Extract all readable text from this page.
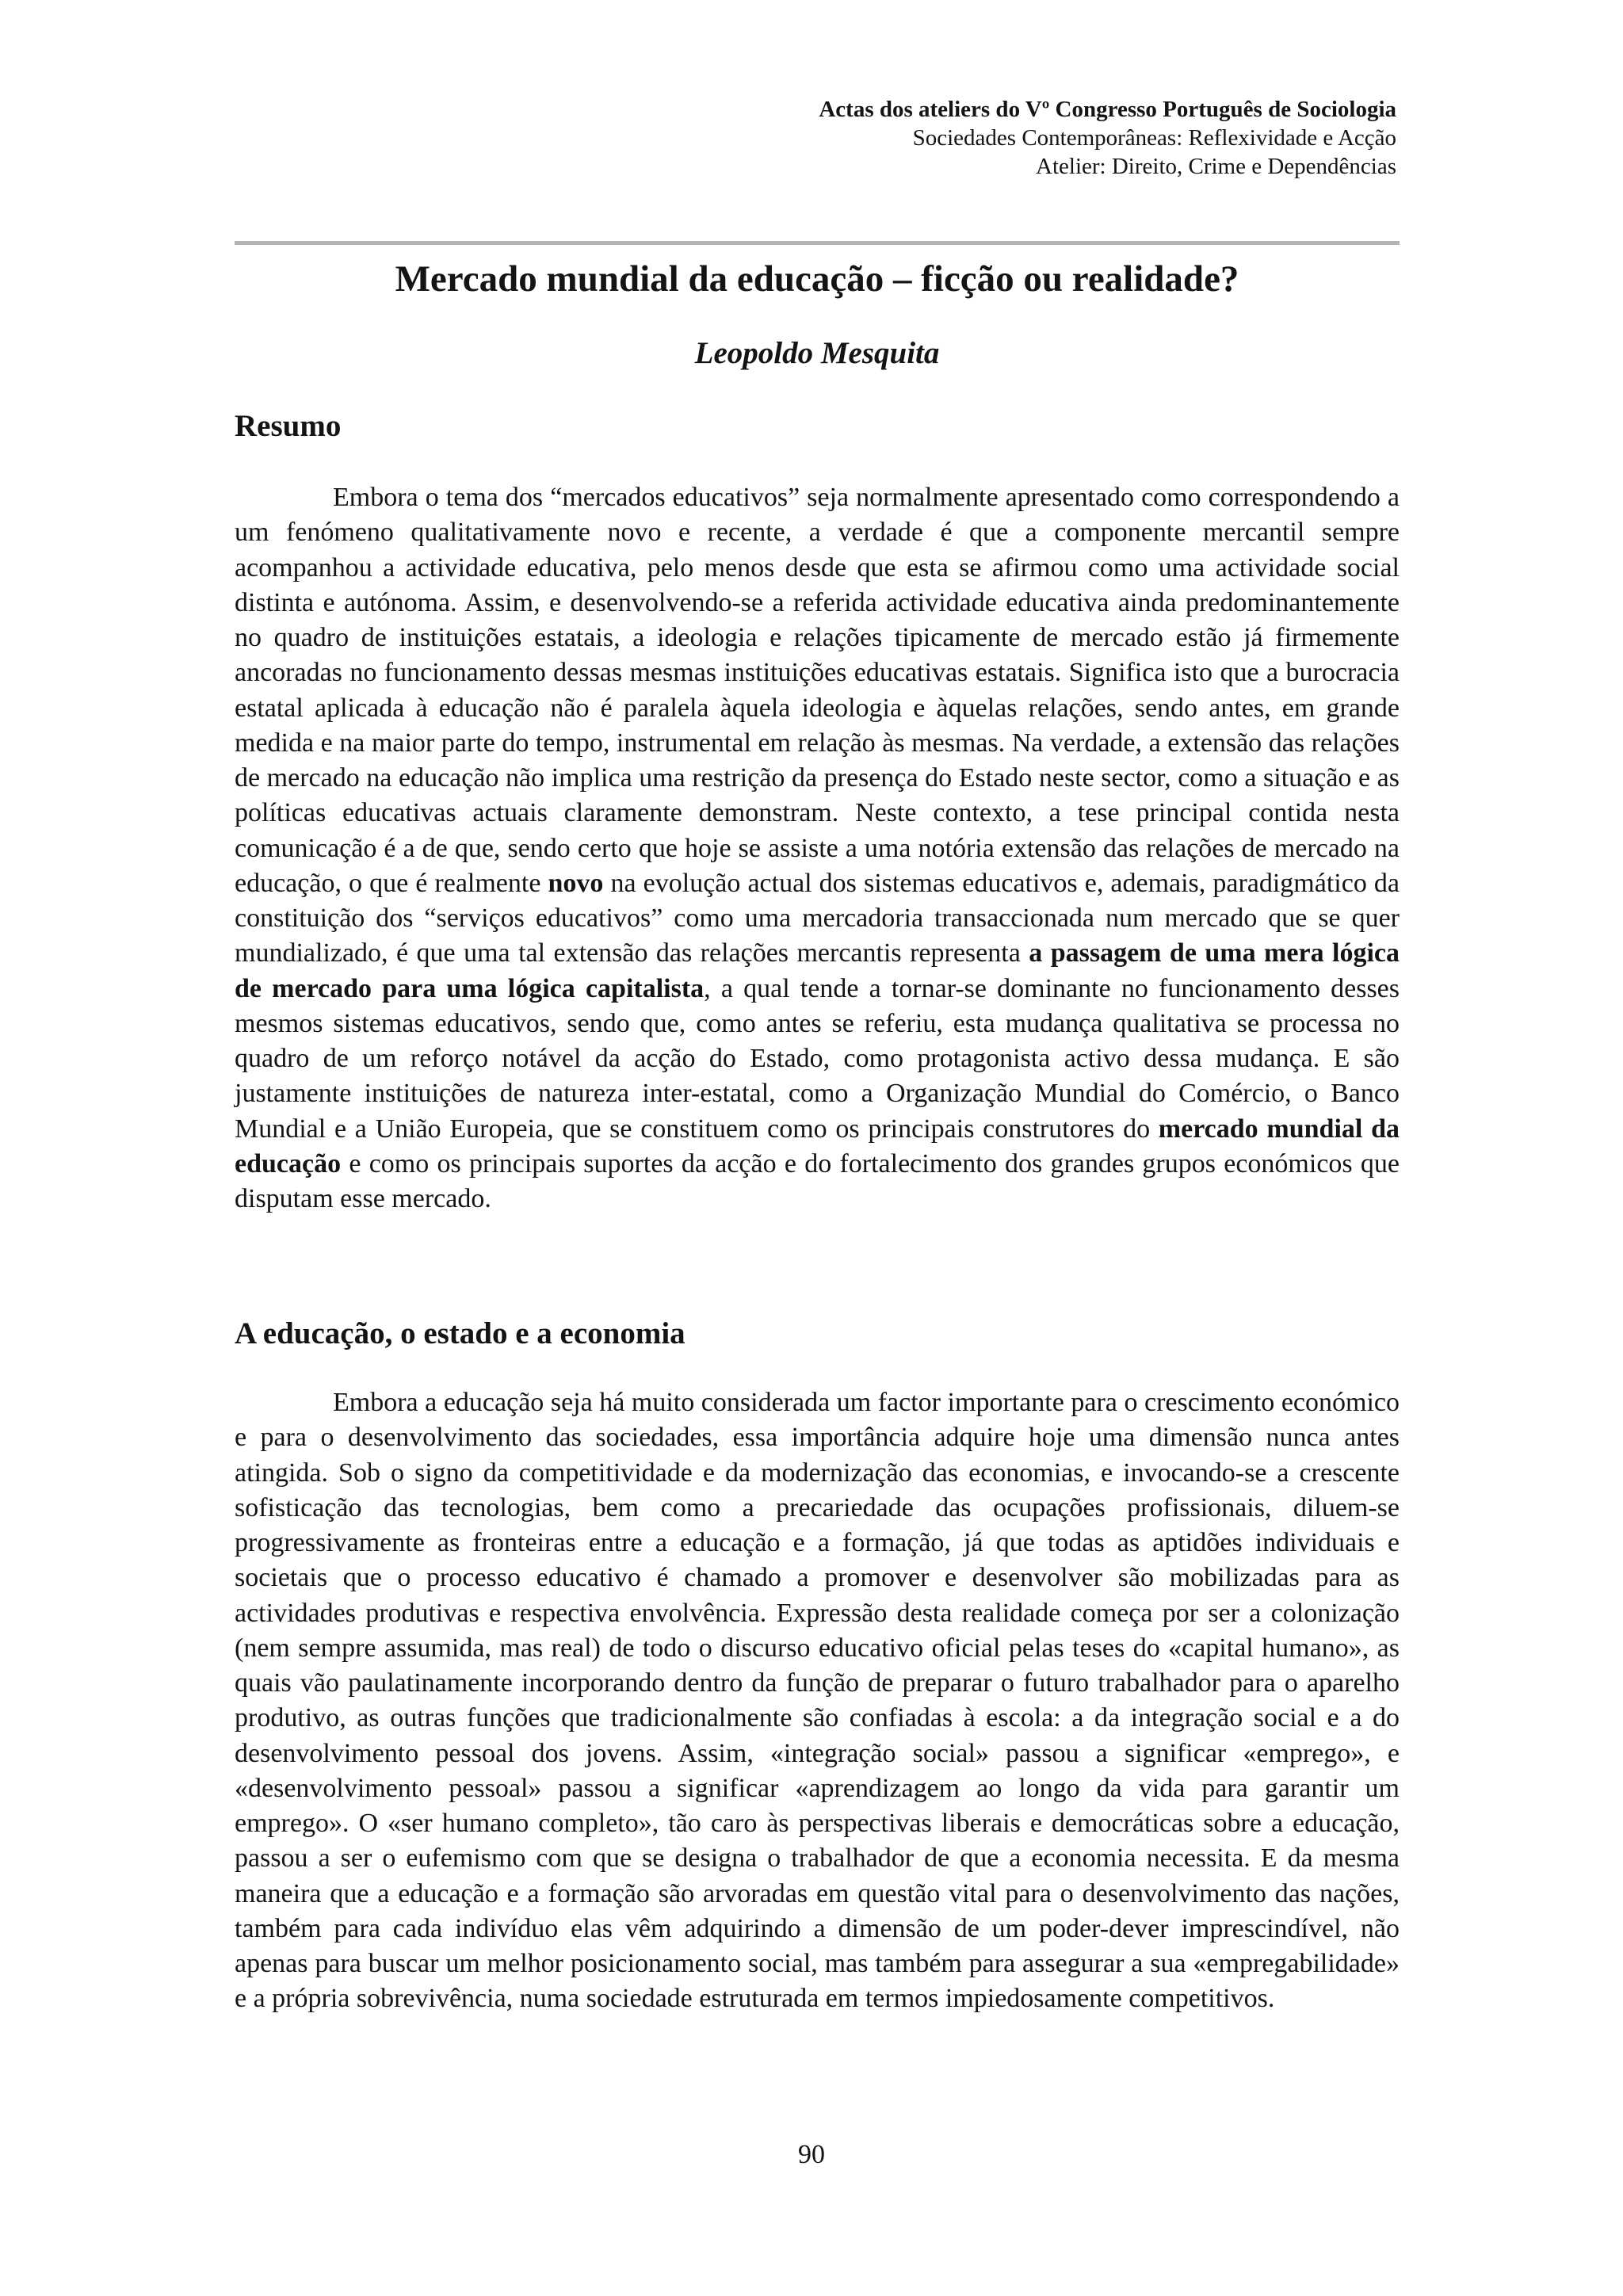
Actas dos ateliers do Vº Congresso Português de Sociologia
Sociedades Contemporâneas: Reflexividade e Acção
Atelier: Direito, Crime e Dependências
Mercado mundial da educação – ficção ou realidade?
Leopoldo Mesquita
Resumo

Embora o tema dos “mercados educativos” seja normalmente apresentado como correspondendo a um fenómeno qualitativamente novo e recente, a verdade é que a componente mercantil sempre acompanhou a actividade educativa, pelo menos desde que esta se afirmou como uma actividade social distinta e autónoma. Assim, e desenvolvendo-se a referida actividade educativa ainda predominantemente no quadro de instituições estatais, a ideologia e relações tipicamente de mercado estão já firmemente ancoradas no funcionamento dessas mesmas instituições educativas estatais. Significa isto que a burocracia estatal aplicada à educação não é paralela àquela ideologia e àquelas relações, sendo antes, em grande medida e na maior parte do tempo, instrumental em relação às mesmas. Na verdade, a extensão das relações de mercado na educação não implica uma restrição da presença do Estado neste sector, como a situação e as políticas educativas actuais claramente demonstram. Neste contexto, a tese principal contida nesta comunicação é a de que, sendo certo que hoje se assiste a uma notória extensão das relações de mercado na educação, o que é realmente novo na evolução actual dos sistemas educativos e, ademais, paradigmático da constituição dos “serviços educativos” como uma mercadoria transaccionada num mercado que se quer mundializado, é que uma tal extensão das relações mercantis representa a passagem de uma mera lógica de mercado para uma lógica capitalista, a qual tende a tornar-se dominante no funcionamento desses mesmos sistemas educativos, sendo que, como antes se referiu, esta mudança qualitativa se processa no quadro de um reforço notável da acção do Estado, como protagonista activo dessa mudança. E são justamente instituições de natureza inter-estatal, como a Organização Mundial do Comércio, o Banco Mundial e a União Europeia, que se constituem como os principais construtores do mercado mundial da educação e como os principais suportes da acção e do fortalecimento dos grandes grupos económicos que disputam esse mercado.

A educação, o estado e a economia

Embora a educação seja há muito considerada um factor importante para o crescimento económico e para o desenvolvimento das sociedades, essa importância adquire hoje uma dimensão nunca antes atingida. Sob o signo da competitividade e da modernização das economias, e invocando-se a crescente sofisticação das tecnologias, bem como a precariedade das ocupações profissionais, diluem-se progressivamente as fronteiras entre a educação e a formação, já que todas as aptidões individuais e societais que o processo educativo é chamado a promover e desenvolver são mobilizadas para as actividades produtivas e respectiva envolvência. Expressão desta realidade começa por ser a colonização (nem sempre assumida, mas real) de todo o discurso educativo oficial pelas teses do «capital humano», as quais vão paulatinamente incorporando dentro da função de preparar o futuro trabalhador para o aparelho produtivo, as outras funções que tradicionalmente são confiadas à escola: a da integração social e a do desenvolvimento pessoal dos jovens. Assim, «integração social» passou a significar «emprego», e «desenvolvimento pessoal» passou a significar «aprendizagem ao longo da vida para garantir um emprego». O «ser humano completo», tão caro às perspectivas liberais e democráticas sobre a educação, passou a ser o eufemismo com que se designa o trabalhador de que a economia necessita. E da mesma maneira que a educação e a formação são arvoradas em questão vital para o desenvolvimento das nações, também para cada indivíduo elas vêm adquirindo a dimensão de um poder-dever imprescindível, não apenas para buscar um melhor posicionamento social, mas também para assegurar a sua «empregabilidade» e a própria sobrevivência, numa sociedade estruturada em termos impiedosamente competitivos.

90
